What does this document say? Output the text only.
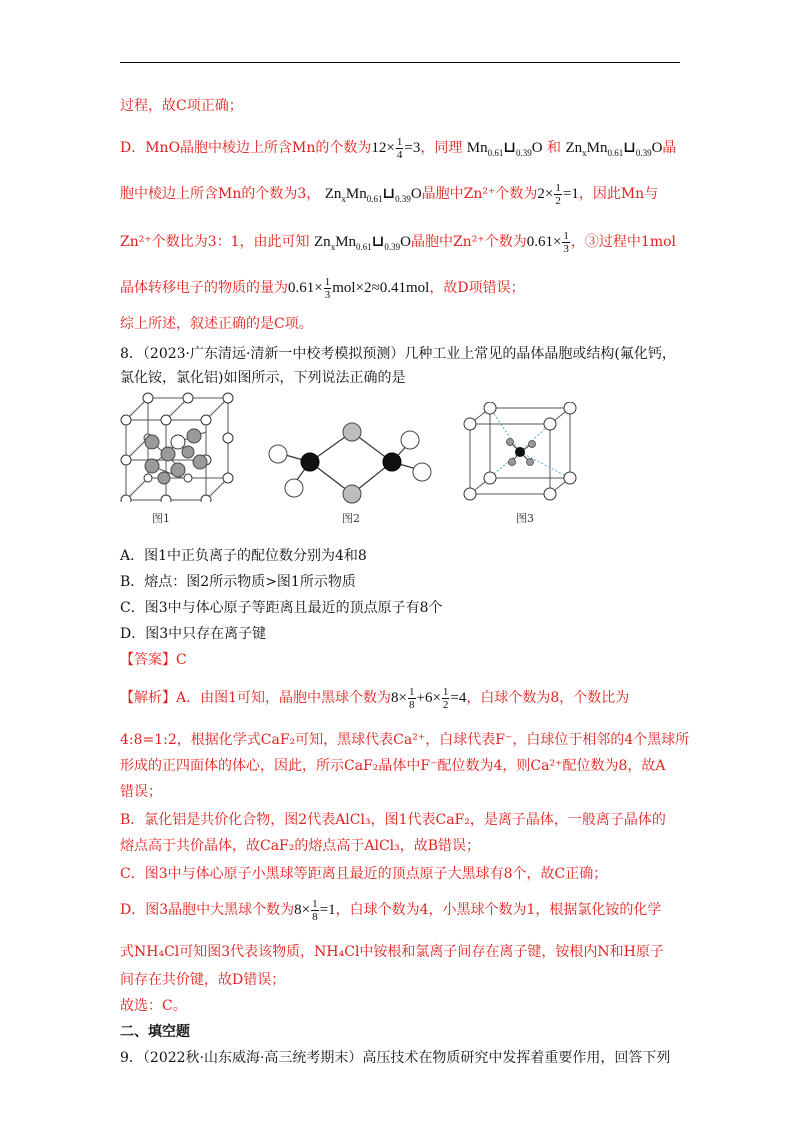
过程，故C项正确；
D．MnO晶胞中棱边上所含Mn的个数为$12\times \frac{1}{4} =3$，同理 $Mn_{0.61}⊔_{0.39}O$ 和 $Zn_xMn_{0.61}⊔_{0.39}O$晶
胞中棱边上所含Mn的个数为3， $Zn_xMn_{0.61}⊔_{0.39}O$晶胞中Zn²⁺个数为$2\times \frac{1}{2} =1$，因此Mn与
Zn²⁺个数比为3：1，由此可知 $Zn_xMn_{0.61}⊔_{0.39}O$晶胞中Zn²⁺个数为$0.61\times \frac{1}{3}$ ，③过程中1mol
晶体转移电子的物质的量为$0.61\times \frac{1}{3} mol\times 2\approx 0.41mol$，故D项错误；
综上所述，叙述正确的是C项。
8．（2023·广东清远·清新一中校考模拟预测）几种工业上常见的晶体晶胞或结构(氟化钙，
氯化铵，氯化铝)如图所示，下列说法正确的是
图1	图2	图3
A．图1中正负离子的配位数分别为4和8
B．熔点：图2所示物质>图1所示物质
C．图3中与体心原子等距离且最近的顶点原子有8个
D．图3中只存在离子键
【答案】C
【解析】A．由图1可知，晶胞中黑球个数为$8\times \frac{1}{8} +6\times \frac{1}{2} =4$，白球个数为8，个数比为
4:8=1:2，根据化学式CaF₂可知，黑球代表Ca²⁺，白球代表F⁻，白球位于相邻的4个黑球所
形成的正四面体的体心，因此，所示CaF₂晶体中F⁻配位数为4，则Ca²⁺配位数为8，故A
错误；
B．氯化铝是共价化合物，图2代表AlCl₃，图1代表CaF₂，是离子晶体，一般离子晶体的
熔点高于共价晶体，故CaF₂的熔点高于AlCl₃，故B错误；
C．图3中与体心原子小黑球等距离且最近的顶点原子大黑球有8个，故C正确；
D．图3晶胞中大黑球个数为$8\times \frac{1}{8} =1$，白球个数为4，小黑球个数为1，根据氯化铵的化学
式NH₄Cl可知图3代表该物质，NH₄Cl中铵根和氯离子间存在离子键，铵根内N和H原子
间存在共价键，故D错误；
故选：C。
二、填空题
9．（2022秋·山东威海·高三统考期末）高压技术在物质研究中发挥着重要作用，回答下列
